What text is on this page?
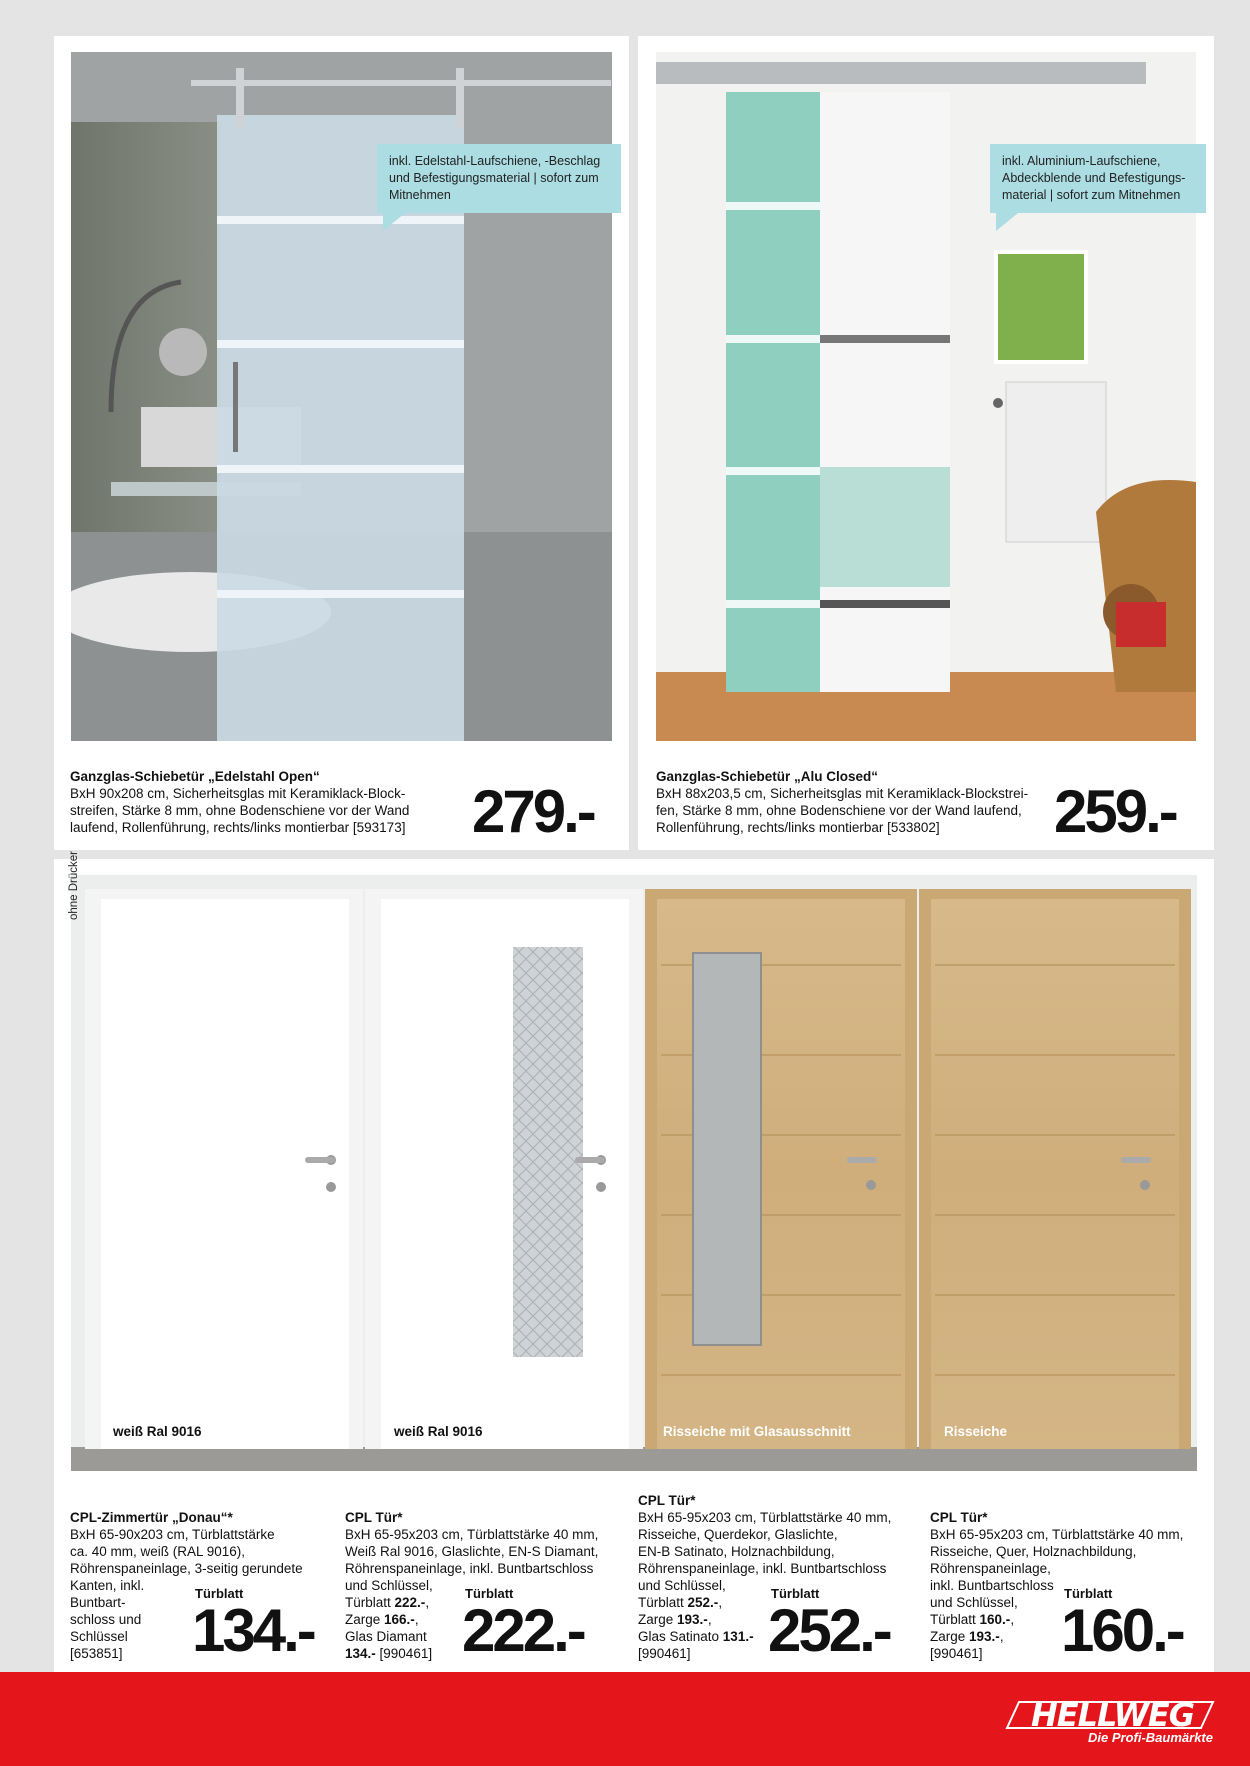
inkl. Edelstahl-Laufschiene, -Beschlag
und Befestigungsmaterial | sofort zum
Mitnehmen
Ganzglas-Schiebetür „Edelstahl Open“
BxH 90x208 cm, Sicherheitsglas mit Keramiklack-Block-
streifen, Stärke 8 mm, ohne Bodenschiene vor der Wand
laufend, Rollenführung, rechts/links montierbar [593173]	279.-
inkl. Aluminium-Laufschiene,
Abdeckblende und Befestigungs-
material | sofort zum Mitnehmen
Ganzglas-Schiebetür „Alu Closed“
BxH 88x203,5 cm, Sicherheitsglas mit Keramiklack-Blockstrei-
fen, Stärke 8 mm, ohne Bodenschiene vor der Wand laufend,
Rollenführung, rechts/links montierbar [533802]	259.-
ohne Drücker
weiß Ral 9016	weiß Ral 9016	Risseiche mit Glasausschnitt	Risseiche
CPL-Zimmertür „Donau“*
BxH 65-90x203 cm, Türblattstärke
ca. 40 mm, weiß (RAL 9016),
Röhrenspaneinlage, 3-seitig gerundete
Kanten, inkl.
Buntbart-
schloss und
Schlüssel
[653851]
Türblatt
134.-
CPL Tür*
BxH 65-95x203 cm, Türblattstärke 40 mm,
Weiß Ral 9016, Glaslichte, EN-S Diamant,
Röhrenspaneinlage, inkl. Buntbartschloss
und Schlüssel,
Türblatt 222.-,
Zarge 166.-,
Glas Diamant
134.- [990461]
Türblatt
222.-
CPL Tür*
BxH 65-95x203 cm, Türblattstärke 40 mm,
Risseiche, Querdekor, Glaslichte,
EN-B Satinato, Holznachbildung,
Röhrenspaneinlage, inkl. Buntbartschloss
und Schlüssel,
Türblatt 252.-,
Zarge 193.-,
Glas Satinato 131.-
[990461]
Türblatt
252.-
CPL Tür*
BxH 65-95x203 cm, Türblattstärke 40 mm,
Risseiche, Quer, Holznachbildung,
Röhrenspaneinlage,
inkl. Buntbartschloss
und Schlüssel,
Türblatt 160.-,
Zarge 193.-,
[990461]
Türblatt
160.-
HELLWEG
Die Profi-Baumärkte
